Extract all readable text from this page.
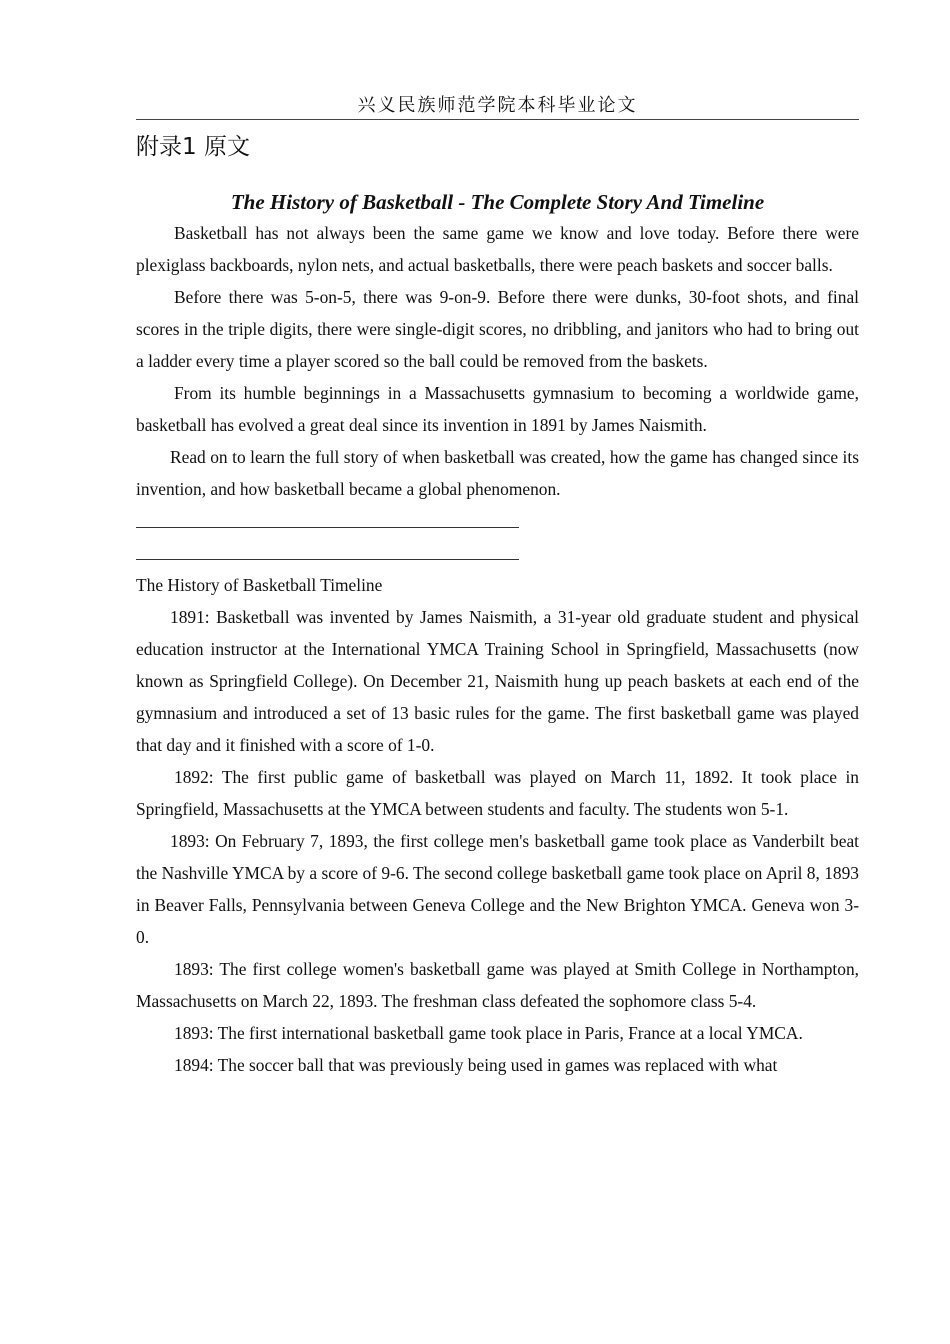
兴义民族师范学院本科毕业论文
附录1 原文
The History of Basketball - The Complete Story And Timeline

Basketball has not always been the same game we know and love today. Before there were plexiglass backboards, nylon nets, and actual basketballs, there were peach baskets and soccer balls.

Before there was 5-on-5, there was 9-on-9. Before there were dunks, 30-foot shots, and final scores in the triple digits, there were single-digit scores, no dribbling, and janitors who had to bring out a ladder every time a player scored so the ball could be removed from the baskets.

From its humble beginnings in a Massachusetts gymnasium to becoming a worldwide game, basketball has evolved a great deal since its invention in 1891 by James Naismith.

Read on to learn the full story of when basketball was created, how the game has changed since its invention, and how basketball became a global phenomenon.

The History of Basketball Timeline

1891: Basketball was invented by James Naismith, a 31-year old graduate student and physical education instructor at the International YMCA Training School in Springfield, Massachusetts (now known as Springfield College). On December 21, Naismith hung up peach baskets at each end of the gymnasium and introduced a set of 13 basic rules for the game. The first basketball game was played that day and it finished with a score of 1-0.

1892: The first public game of basketball was played on March 11, 1892. It took place in Springfield, Massachusetts at the YMCA between students and faculty. The students won 5-1.

1893: On February 7, 1893, the first college men's basketball game took place as Vanderbilt beat the Nashville YMCA by a score of 9-6. The second college basketball game took place on April 8, 1893 in Beaver Falls, Pennsylvania between Geneva College and the New Brighton YMCA. Geneva won 3-0.

1893: The first college women's basketball game was played at Smith College in Northampton, Massachusetts on March 22, 1893. The freshman class defeated the sophomore class 5-4.

1893: The first international basketball game took place in Paris, France at a local YMCA.

1894: The soccer ball that was previously being used in games was replaced with what
